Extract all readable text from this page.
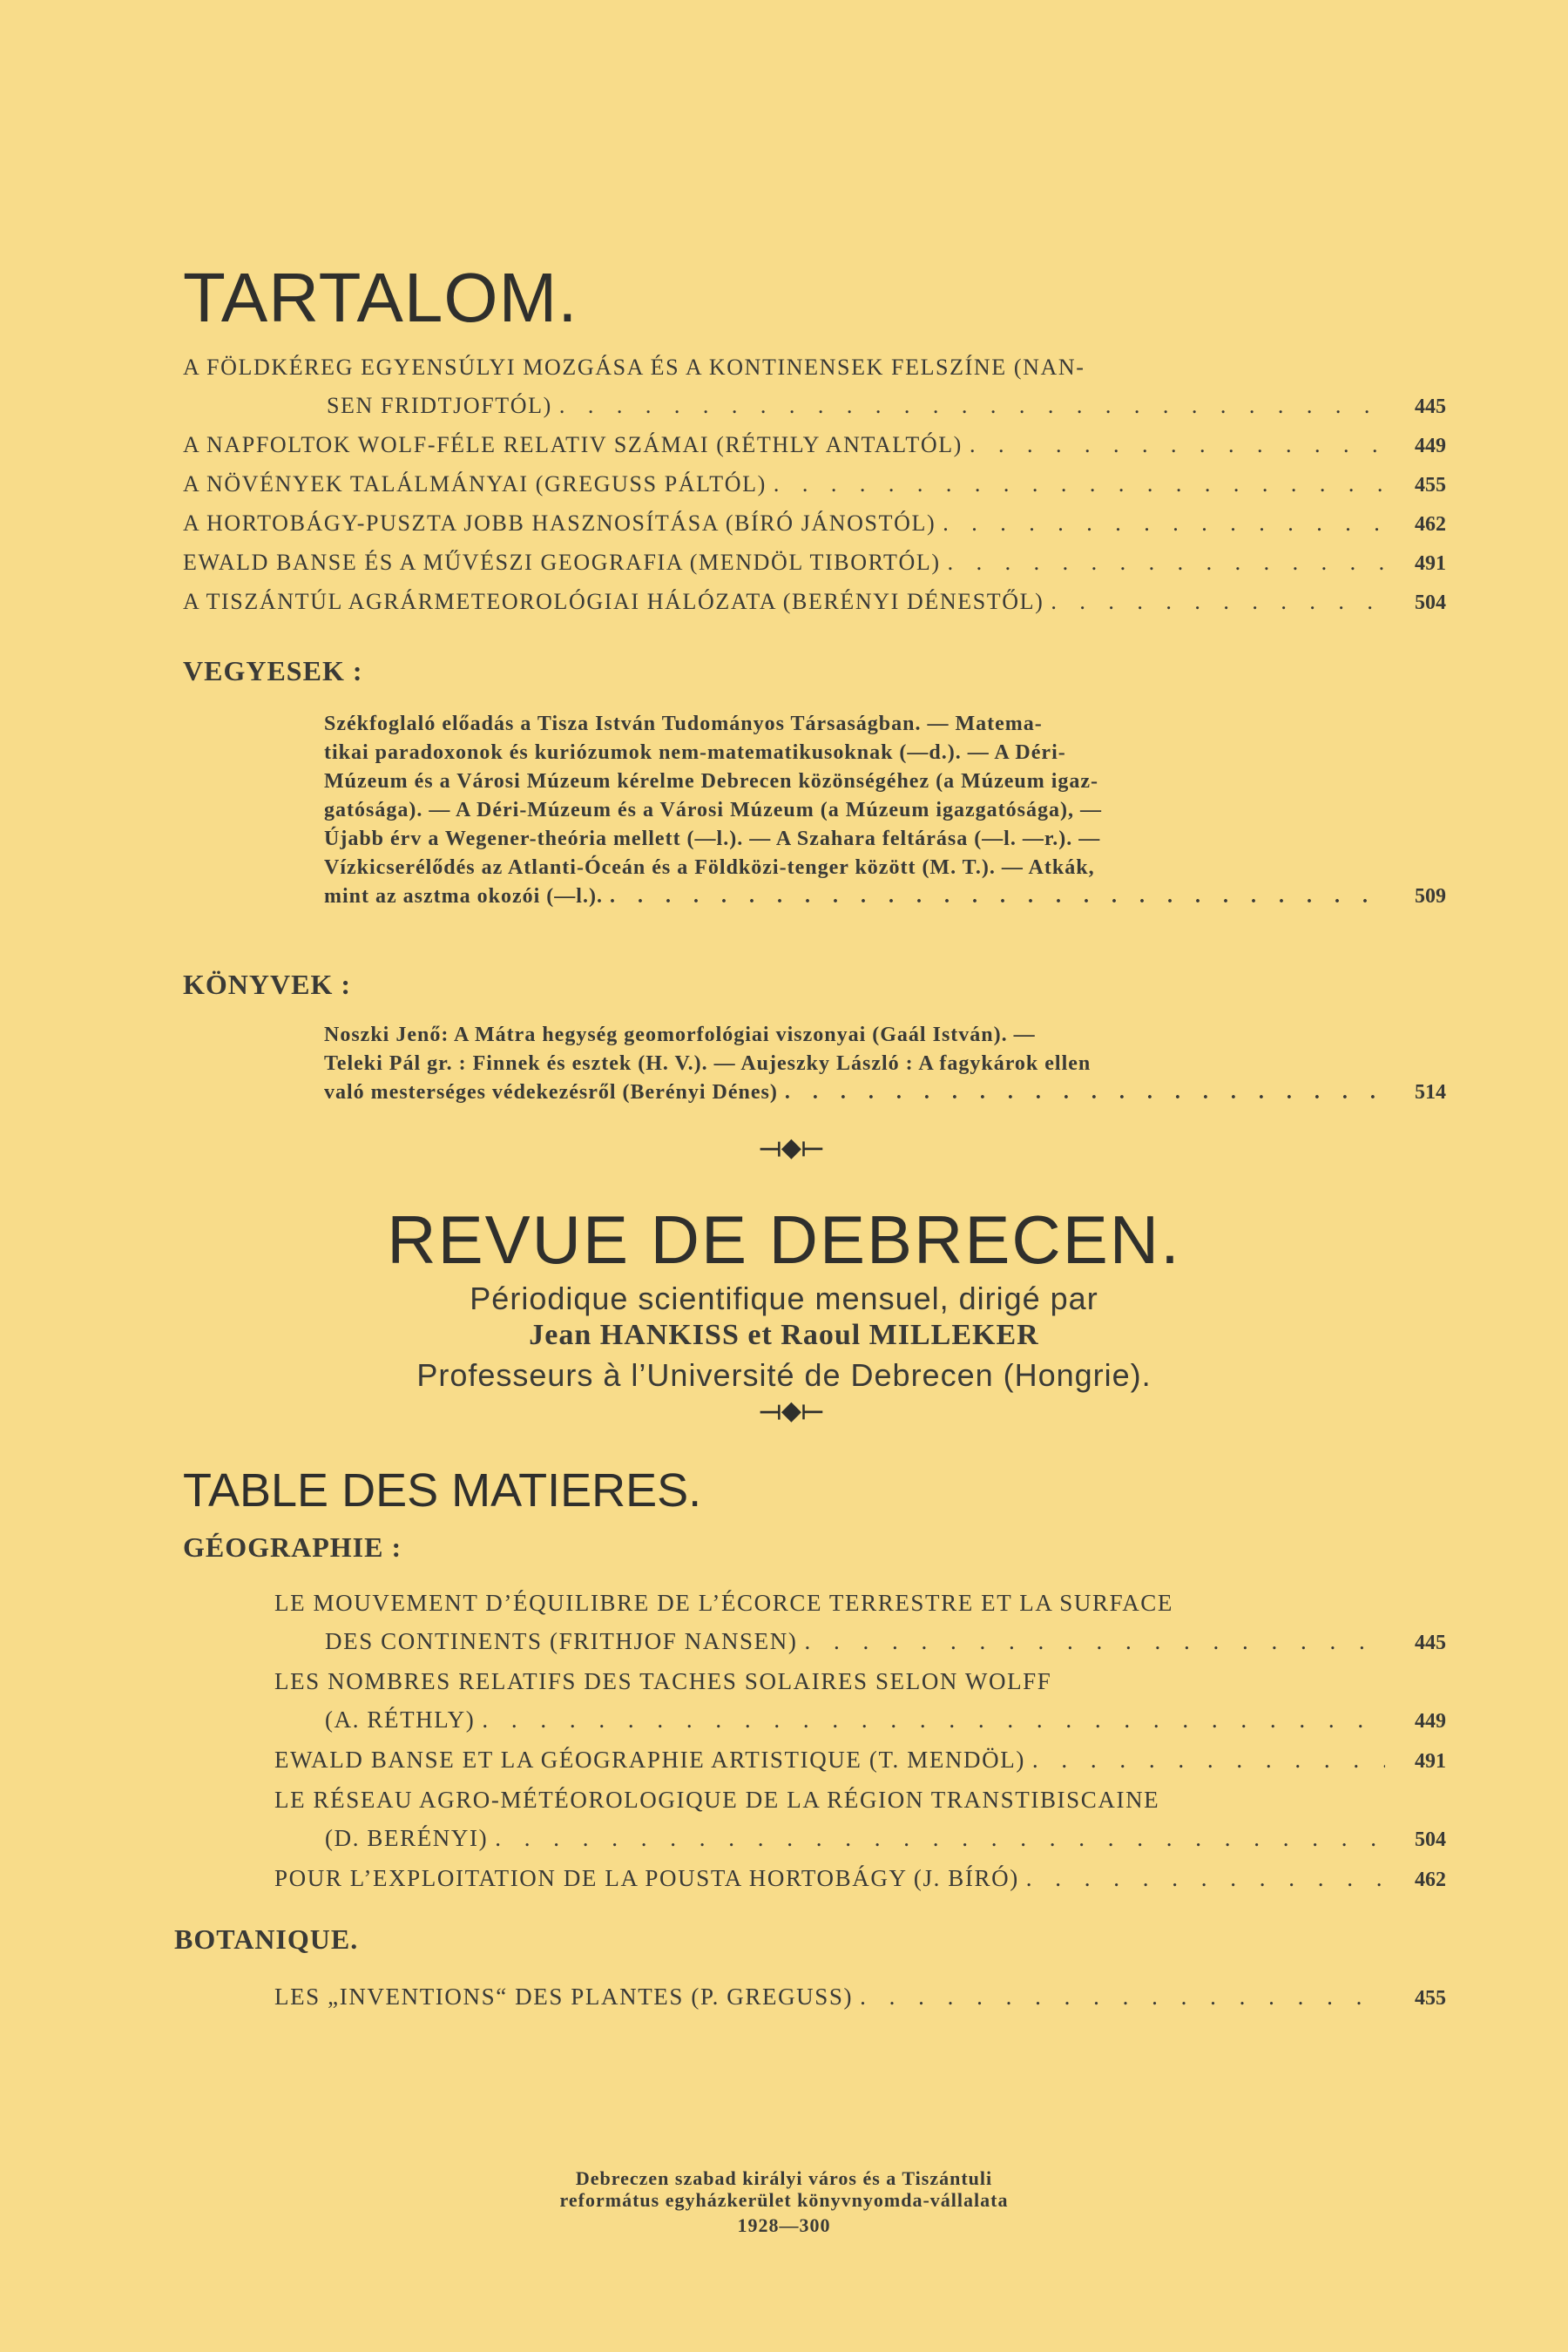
TARTALOM.
A FÖLDKÉREG EGYENSÚLYI MOZGÁSA ÉS A KONTINENSEK FELSZÍNE (NAN-
SEN FRIDTJOFTÓL) . . .	445
A NAPFOLTOK WOLF-FÉLE RELATIV SZÁMAI (RÉTHLY ANTALTÓL) . . .	449
A NÖVÉNYEK TALÁLMÁNYAI (GREGUSS PÁLTÓL) . . .	455
A HORTOBÁGY-PUSZTA JOBB HASZNOSÍTÁSA (BÍRÓ JÁNOSTÓL) . . .	462
EWALD BANSE ÉS A MŰVÉSZI GEOGRAFIA (MENDÖL TIBORTÓL) . . .	491
A TISZÁNTÚL AGRÁRMETEOROLÓGIAI HÁLÓZATA (BERÉNYI DÉNESTŐL) . . .	504
VEGYESEK :
Székfoglaló előadás a Tisza István Tudományos Társaságban. — Matema-
tikai paradoxonok és kuriózumok nem-matematikusoknak (—d.). — A Déri-
Múzeum és a Városi Múzeum kérelme Debrecen közönségéhez (a Múzeum igaz-
gatósága). — A Déri-Múzeum és a Városi Múzeum (a Múzeum igazgatósága), —
Újabb érv a Wegener-theória mellett (—l.). — A Szahara feltárása (—l. —r.). —
Vízkicserélődés az Atlanti-Óceán és a Földközi-tenger között (M. T.). — Atkák,
mint az asztma okozói (—l.). . . .	509
KÖNYVEK :
Noszki Jenő: A Mátra hegység geomorfológiai viszonyai (Gaál István). —
Teleki Pál gr. : Finnek és esztek (H. V.). — Aujeszky László : A fagykárok ellen
való mesterséges védekezésről (Berényi Dénes) . . .	514
⟞◆⟝
REVUE DE DEBRECEN.
Périodique scientifique mensuel, dirigé par
Jean HANKISS et Raoul MILLEKER
Professeurs à l’Université de Debrecen (Hongrie).
⟞◆⟝
TABLE DES MATIERES.
GÉOGRAPHIE :
LE MOUVEMENT D’ÉQUILIBRE DE L’ÉCORCE TERRESTRE ET LA SURFACE
DES CONTINENTS (FRITHJOF NANSEN) . . .	445
LES NOMBRES RELATIFS DES TACHES SOLAIRES SELON WOLFF
(A. RÉTHLY) . . .	449
EWALD BANSE ET LA GÉOGRAPHIE ARTISTIQUE (T. MENDÖL) . . .	491
LE RÉSEAU AGRO-MÉTÉOROLOGIQUE DE LA RÉGION TRANSTIBISCAINE
(D. BERÉNYI) . . .	504
POUR L’EXPLOITATION DE LA POUSTA HORTOBÁGY (J. BÍRÓ) . . .	462
BOTANIQUE.
LES „INVENTIONS“ DES PLANTES (P. GREGUSS) . . .	455
Debreczen szabad királyi város és a Tiszántuli
református egyházkerület könyvnyomda-vállalata
1928—300
